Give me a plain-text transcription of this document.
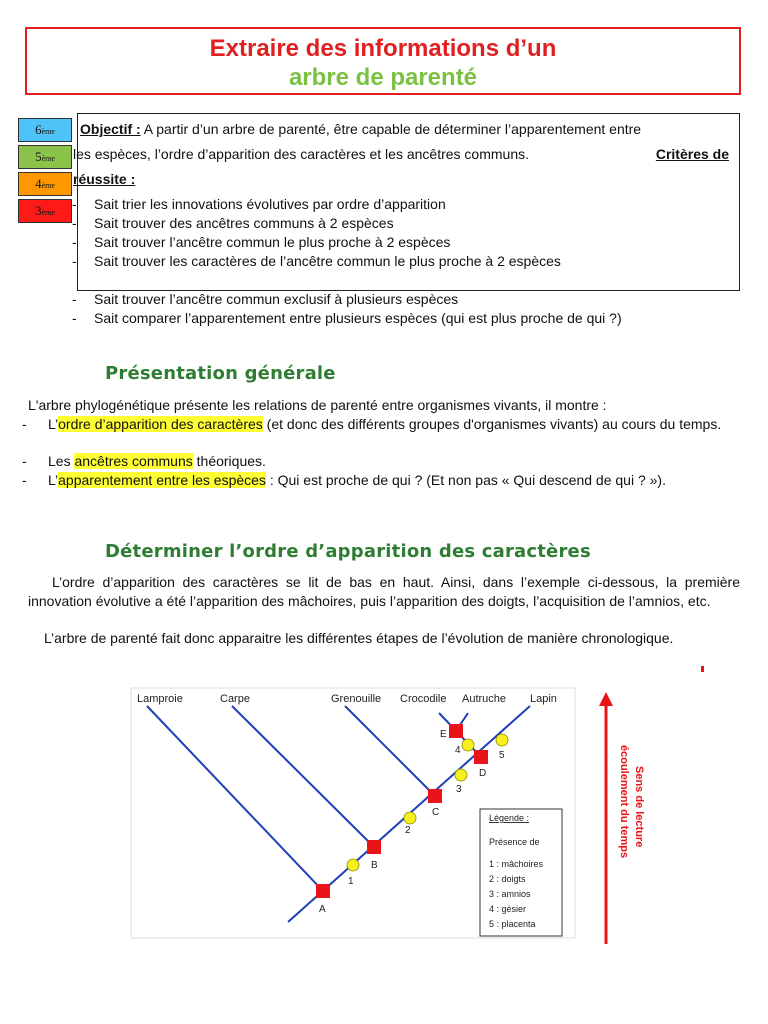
Extraire des informations d’un
arbre de parenté
6ème
5ème
4ème
3ème
Objectif : A partir d’un arbre de parenté, être capable de déterminer l’apparentement entre
les espèces, l’ordre d’apparition des caractères et les ancêtres communs.	Critères de
réussite :
- Sait trier les innovations évolutives par ordre d’apparition
- Sait trouver des ancêtres communs à 2 espèces
- Sait trouver l’ancêtre commun le plus proche à 2 espèces
- Sait trouver les caractères de l’ancêtre commun le plus proche à 2 espèces
- Sait trouver l’ancêtre commun exclusif à plusieurs espèces
- Sait comparer l’apparentement entre plusieurs espèces (qui est plus proche de qui ?)
Présentation générale
L'arbre phylogénétique présente les relations de parenté entre organismes vivants, il montre :
- L’ordre d’apparition des caractères (et donc des différents groupes d'organismes vivants) au cours du temps.
- Les ancêtres communs théoriques.
- L’apparentement entre les espèces : Qui est proche de qui ? (Et non pas « Qui descend de qui ? »).
Déterminer l’ordre d’apparition des caractères
L’ordre d’apparition des caractères se lit de bas en haut. Ainsi, dans l’exemple ci-dessous, la première innovation évolutive a été l’apparition des mâchoires, puis l’apparition des doigts, l’acquisition de l’amnios, etc.
L’arbre de parenté fait donc apparaitre les différentes étapes de l’évolution de manière chronologique.
Lamproie	Carpe	Grenouille Crocodile Autruche Lapin
A
B
C
D
E
1
2
3
4	5
Légende :
Présence de
1 : mâchoires
2 : doigts
3 : amnios
4 : gésier
5 : placenta
Sens de lecture
écoulement du temps
